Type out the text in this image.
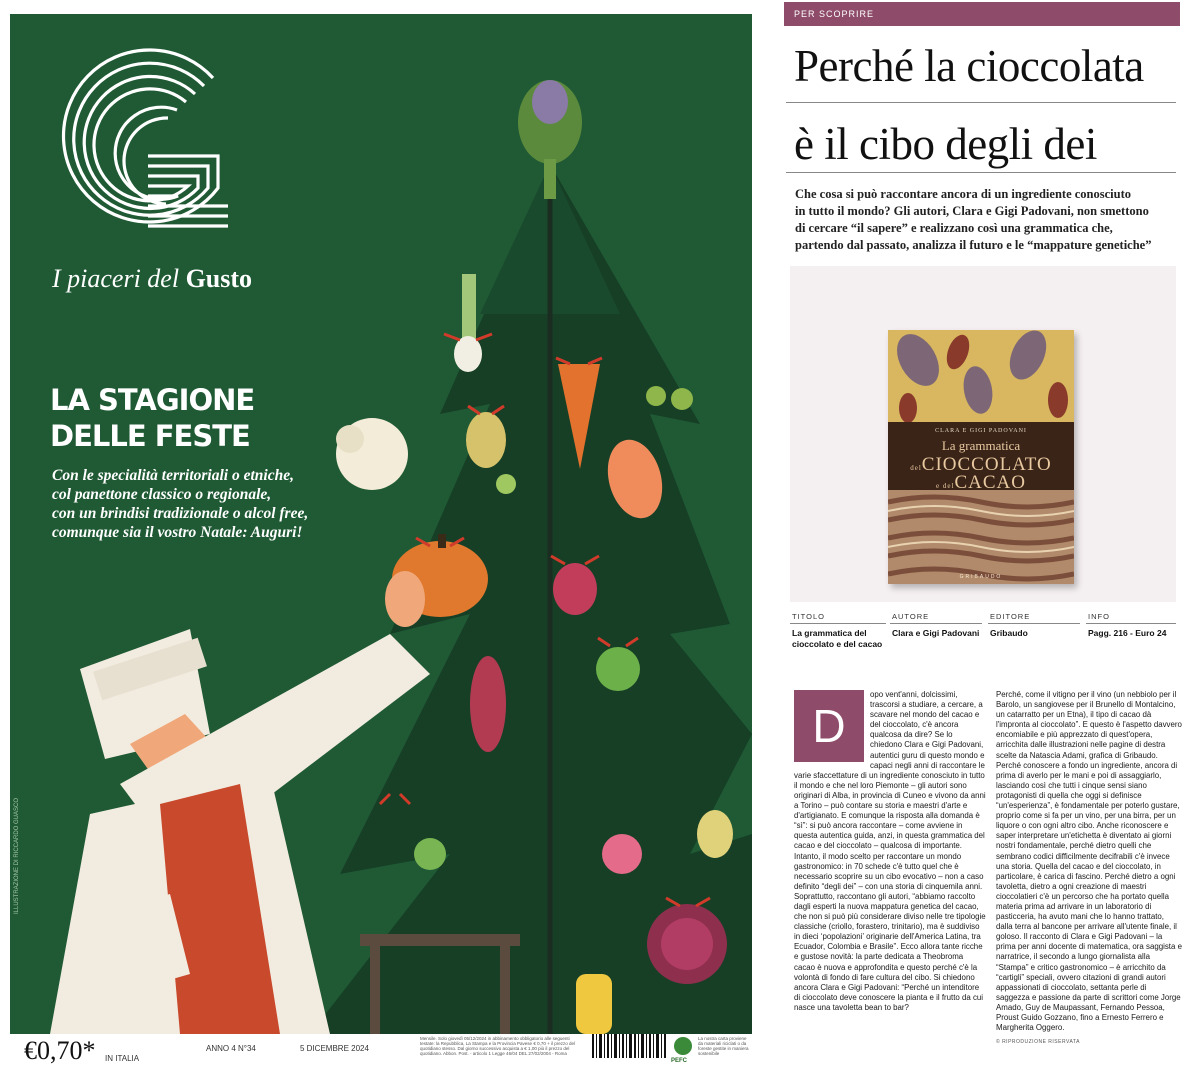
I piaceri del Gusto
LA STAGIONE
DELLE FESTE
Con le specialità territoriali o etniche,
col panettone classico o regionale,
con un brindisi tradizionale o alcol free,
comunque sia il vostro Natale: Auguri!
ILLUSTRAZIONE DI RICCARDO GUASCO
€0,70* IN ITALIA
ANNO 4 N°34	5 DICEMBRE 2024
Mensile. Solo giovedì 05/12/2024 in abbinamento obbligatorio alle seguenti testate: la Repubblica, La Stampa e la Provincia Pavese € 0,70 + il prezzo del quotidiano stesso. Dal giorno successivo acquista a € 1,00 più il prezzo del quotidiano. Abbon. Post. - articolo 1 Legge 46/04 DEL 27/02/2004 - Roma
PEFC
La nostra carta proviene da materiali riciclati o da foreste gestite in maniera sostenibile
PER SCOPRIRE
Perché la cioccolata
è il cibo degli dei
Che cosa si può raccontare ancora di un ingrediente conosciuto
in tutto il mondo? Gli autori, Clara e Gigi Padovani, non smettono
di cercare “il sapere” e realizzano così una grammatica che,
partendo dal passato, analizza il futuro e le “mappature genetiche”
CLARA E GIGI PADOVANI
La grammatica
delCIOCCOLATO
e delCACAO
GRIBAUDO
TITOLO
La grammatica del cioccolato e del cacao
AUTORE
Clara e Gigi Padovani
EDITORE
Gribaudo
INFO
Pagg. 216 - Euro 24
D

opo vent'anni, dolcissimi, trascorsi a studiare, a cercare, a scavare nel mondo del cacao e del cioccolato, c'è ancora qualcosa da dire? Se lo chiedono Clara e Gigi Padovani, autentici guru di questo mondo e capaci negli anni di raccontare le varie sfaccettature di un ingrediente conosciuto in tutto il mondo e che nel loro Piemonte – gli autori sono originari di Alba, in provincia di Cuneo e vivono da anni a Torino – può contare su storia e maestri d'arte e d'artigianato. E comunque la risposta alla domanda è “sì”: si può ancora raccontare – come avviene in questa autentica guida, anzi, in questa grammatica del cacao e del cioccolato – qualcosa di importante. Intanto, il modo scelto per raccontare un mondo gastronomico: in 70 schede c'è tutto quel che è necessario scoprire su un cibo evocativo – non a caso definito “degli dei” – con una storia di cinquemila anni. Soprattutto, raccontano gli autori, “abbiamo raccolto dagli esperti la nuova mappatura genetica del cacao, che non si può più considerare diviso nelle tre tipologie classiche (criollo, forastero, trinitario), ma è suddiviso in dieci ‘popolazioni’ originarie dell'America Latina, tra Ecuador, Colombia e Brasile”. Ecco allora tante ricche e gustose novità: la parte dedicata a Theobroma cacao è nuova e approfondita e questo perché c'è la volontà di fondo di fare cultura del cibo. Si chiedono ancora Clara e Gigi Padovani: “Perché un intenditore di cioccolato deve conoscere la pianta e il frutto da cui nasce una tavoletta bean to bar?

Perché, come il vitigno per il vino (un nebbiolo per il Barolo, un sangiovese per il Brunello di Montalcino, un catarratto per un Etna), il tipo di cacao dà l'impronta al cioccolato”. E questo è l'aspetto davvero encomiabile e più apprezzato di quest'opera, arricchita dalle illustrazioni nelle pagine di destra scelte da Natascia Adami, grafica di Gribaudo. Perché conoscere a fondo un ingrediente, ancora di prima di averlo per le mani e poi di assaggiarlo, lasciando così che tutti i cinque sensi siano protagonisti di quella che oggi si definisce “un'esperienza”, è fondamentale per poterlo gustare, proprio come si fa per un vino, per una birra, per un liquore o con ogni altro cibo. Anche riconoscere e saper interpretare un'etichetta è diventato ai giorni nostri fondamentale, perché dietro quelli che sembrano codici difficilmente decifrabili c'è invece una storia. Quella del cacao e del cioccolato, in particolare, è carica di fascino. Perché dietro a ogni tavoletta, dietro a ogni creazione di maestri cioccolatieri c'è un percorso che ha portato quella materia prima ad arrivare in un laboratorio di pasticceria, ha avuto mani che lo hanno trattato, dalla terra al bancone per arrivare all'utente finale, il goloso. Il racconto di Clara e Gigi Padovani – la prima per anni docente di matematica, ora saggista e narratrice, il secondo a lungo giornalista alla “Stampa” e critico gastronomico – è arricchito da “cartigli” speciali, ovvero citazioni di grandi autori appassionati di cioccolato, settanta perle di saggezza e passione da parte di scrittori come Jorge Amado, Guy de Maupassant, Fernando Pessoa, Proust Guido Gozzano, fino a Ernesto Ferrero e Margherita Oggero.

© RIPRODUZIONE RISERVATA
